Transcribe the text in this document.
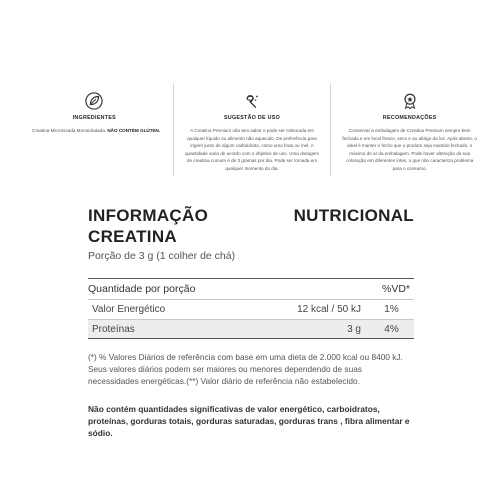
INGREDIENTES
Creatina Micronizada Monoidratada. NÃO CONTÉM GLÚTEN.
SUGESTÃO DE USO
A Creatina Premium não tem sabor e pode ser misturada em qualquer líquido ou alimento não aquecido. De preferência para ingerir junto de algum carboidrato, como uma fruta ou mel. A quantidade varia de acordo com o objetivo de uso. Uma dosagem de creatina comum é de 3 gramas por dia. Pode ser tomada em qualquer momento do dia.
RECOMENDAÇÕES
Conservar a embalagem de Creatina Premium sempre bem fechada e em local fresco, seco e ao abrigo da luz. Após aberto, o ideal é manter o fecho que o produto seja mantido fechado, o máximo de ar da embalagem. Pode haver alteração da sua coloração em diferentes lotes, o que não caracteriza problema para o consumo.
INFORMAÇÃO	NUTRICIONAL
CREATINA
Porção de 3 g (1 colher de chá)
Quantidade por porção	%VD*
Valor Energético	12 kcal / 50 kJ	1%
Proteínas	3 g	4%
(*) % Valores Diários de referência com base em uma dieta de 2.000 kcal ou 8400 kJ. Seus valores diários podem ser maiores ou menores dependendo de suas necessidades energéticas.(**) Valor diário de referência não estabelecido.
Não contém quantidades significativas de valor energético, carboidratos, proteínas, gorduras totais, gorduras saturadas, gorduras trans , fibra alimentar e sódio.
